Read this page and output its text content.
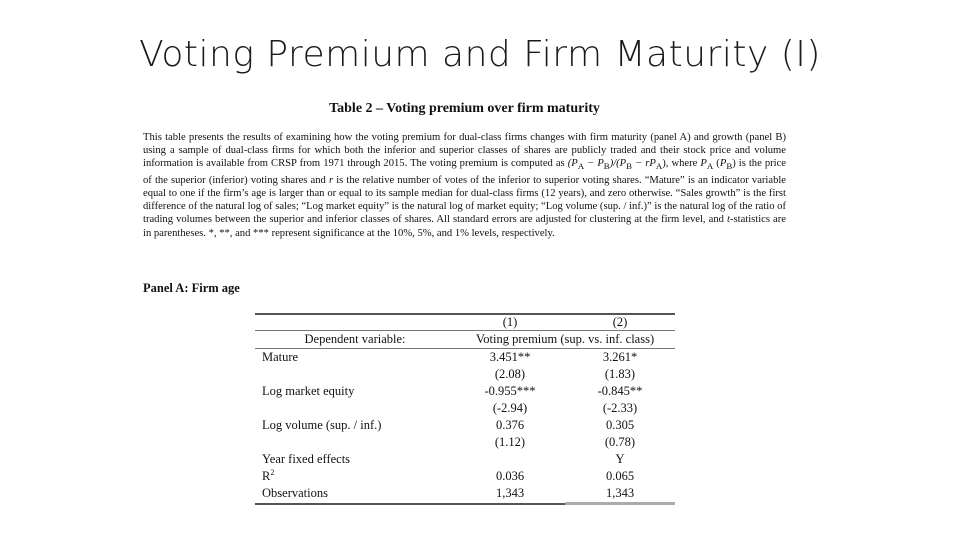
Voting Premium and Firm Maturity (I)
Table 2 – Voting premium over firm maturity
This table presents the results of examining how the voting premium for dual-class firms changes with firm maturity (panel A) and growth (panel B) using a sample of dual-class firms for which both the inferior and superior classes of shares are publicly traded and their stock price and volume information is available from CRSP from 1971 through 2015. The voting premium is computed as $(P_A - P_B)/(P_B - rP_A)$, where $P_A$ $(P_B)$ is the price of the superior (inferior) voting shares and r is the relative number of votes of the inferior to superior voting shares. “Mature” is an indicator variable equal to one if the firm’s age is larger than or equal to its sample median for dual-class firms (12 years), and zero otherwise. “Sales growth” is the first difference of the natural log of sales; “Log market equity” is the natural log of market equity; “Log volume (sup. / inf.)” is the natural log of the ratio of trading volumes between the superior and inferior classes of shares. All standard errors are adjusted for clustering at the firm level, and t-statistics are in parentheses. *, **, and *** represent significance at the 10%, 5%, and 1% levels, respectively.
Panel A: Firm age
	(1)	(2)
Dependent variable:	Voting premium (sup. vs. inf. class)	
Mature	3.451**	3.261*
	(2.08)	(1.83)
Log market equity	-0.955***	-0.845**
	(-2.94)	(-2.33)
Log volume (sup. / inf.)	0.376	0.305
	(1.12)	(0.78)
Year fixed effects		Y
$R^2$	0.036	0.065
Observations	1,343	1,343
